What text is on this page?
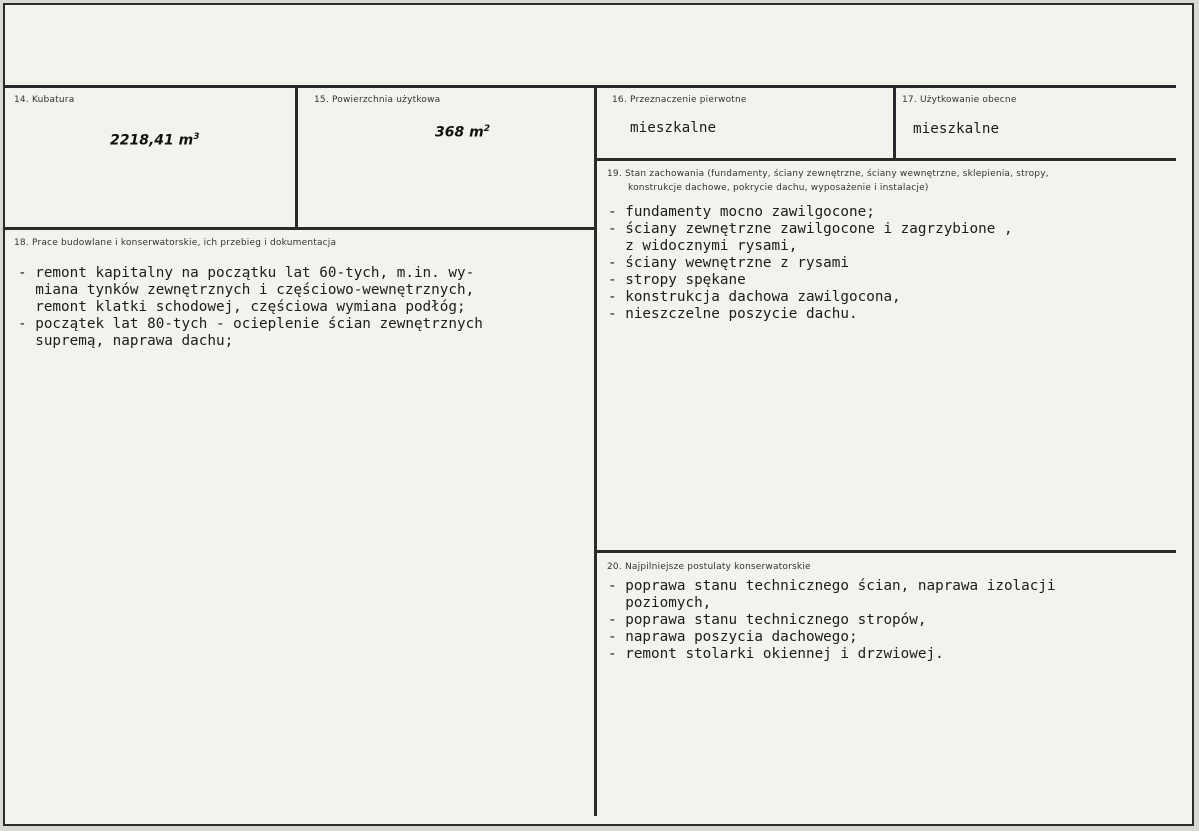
14. Kubatura
2218,41 $m^3$
15. Powierzchnia użytkowa
368 $m^2$
16. Przeznaczenie pierwotne
mieszkalne
17. Użytkowanie obecne
mieszkalne
18. Prace budowlane i konserwatorskie, ich przebieg i dokumentacja
- remont kapitalny na początku lat 60-tych, m.in. wy-
miana tynków zewnętrznych i częściowo-wewnętrznych,
remont klatki schodowej, częściowa wymiana podłóg;
- początek lat 80-tych - ocieplenie ścian zewnętrznych
supremą, naprawa dachu;
19. Stan zachowania (fundamenty, ściany zewnętrzne, ściany wewnętrzne, sklepienia, stropy,
konstrukcje dachowe, pokrycie dachu, wyposażenie i instalacje)
- fundamenty mocno zawilgocone;
- ściany zewnętrzne zawilgocone i zagrzybione ,
z widocznymi rysami,
- ściany wewnętrzne z rysami
- stropy spękane
- konstrukcja dachowa zawilgocona,
- nieszczelne poszycie dachu.
20. Najpilniejsze postulaty konserwatorskie
- poprawa stanu technicznego ścian, naprawa izolacji
poziomych,
- poprawa stanu technicznego stropów,
- naprawa poszycia dachowego;
- remont stolarki okiennej i drzwiowej.
